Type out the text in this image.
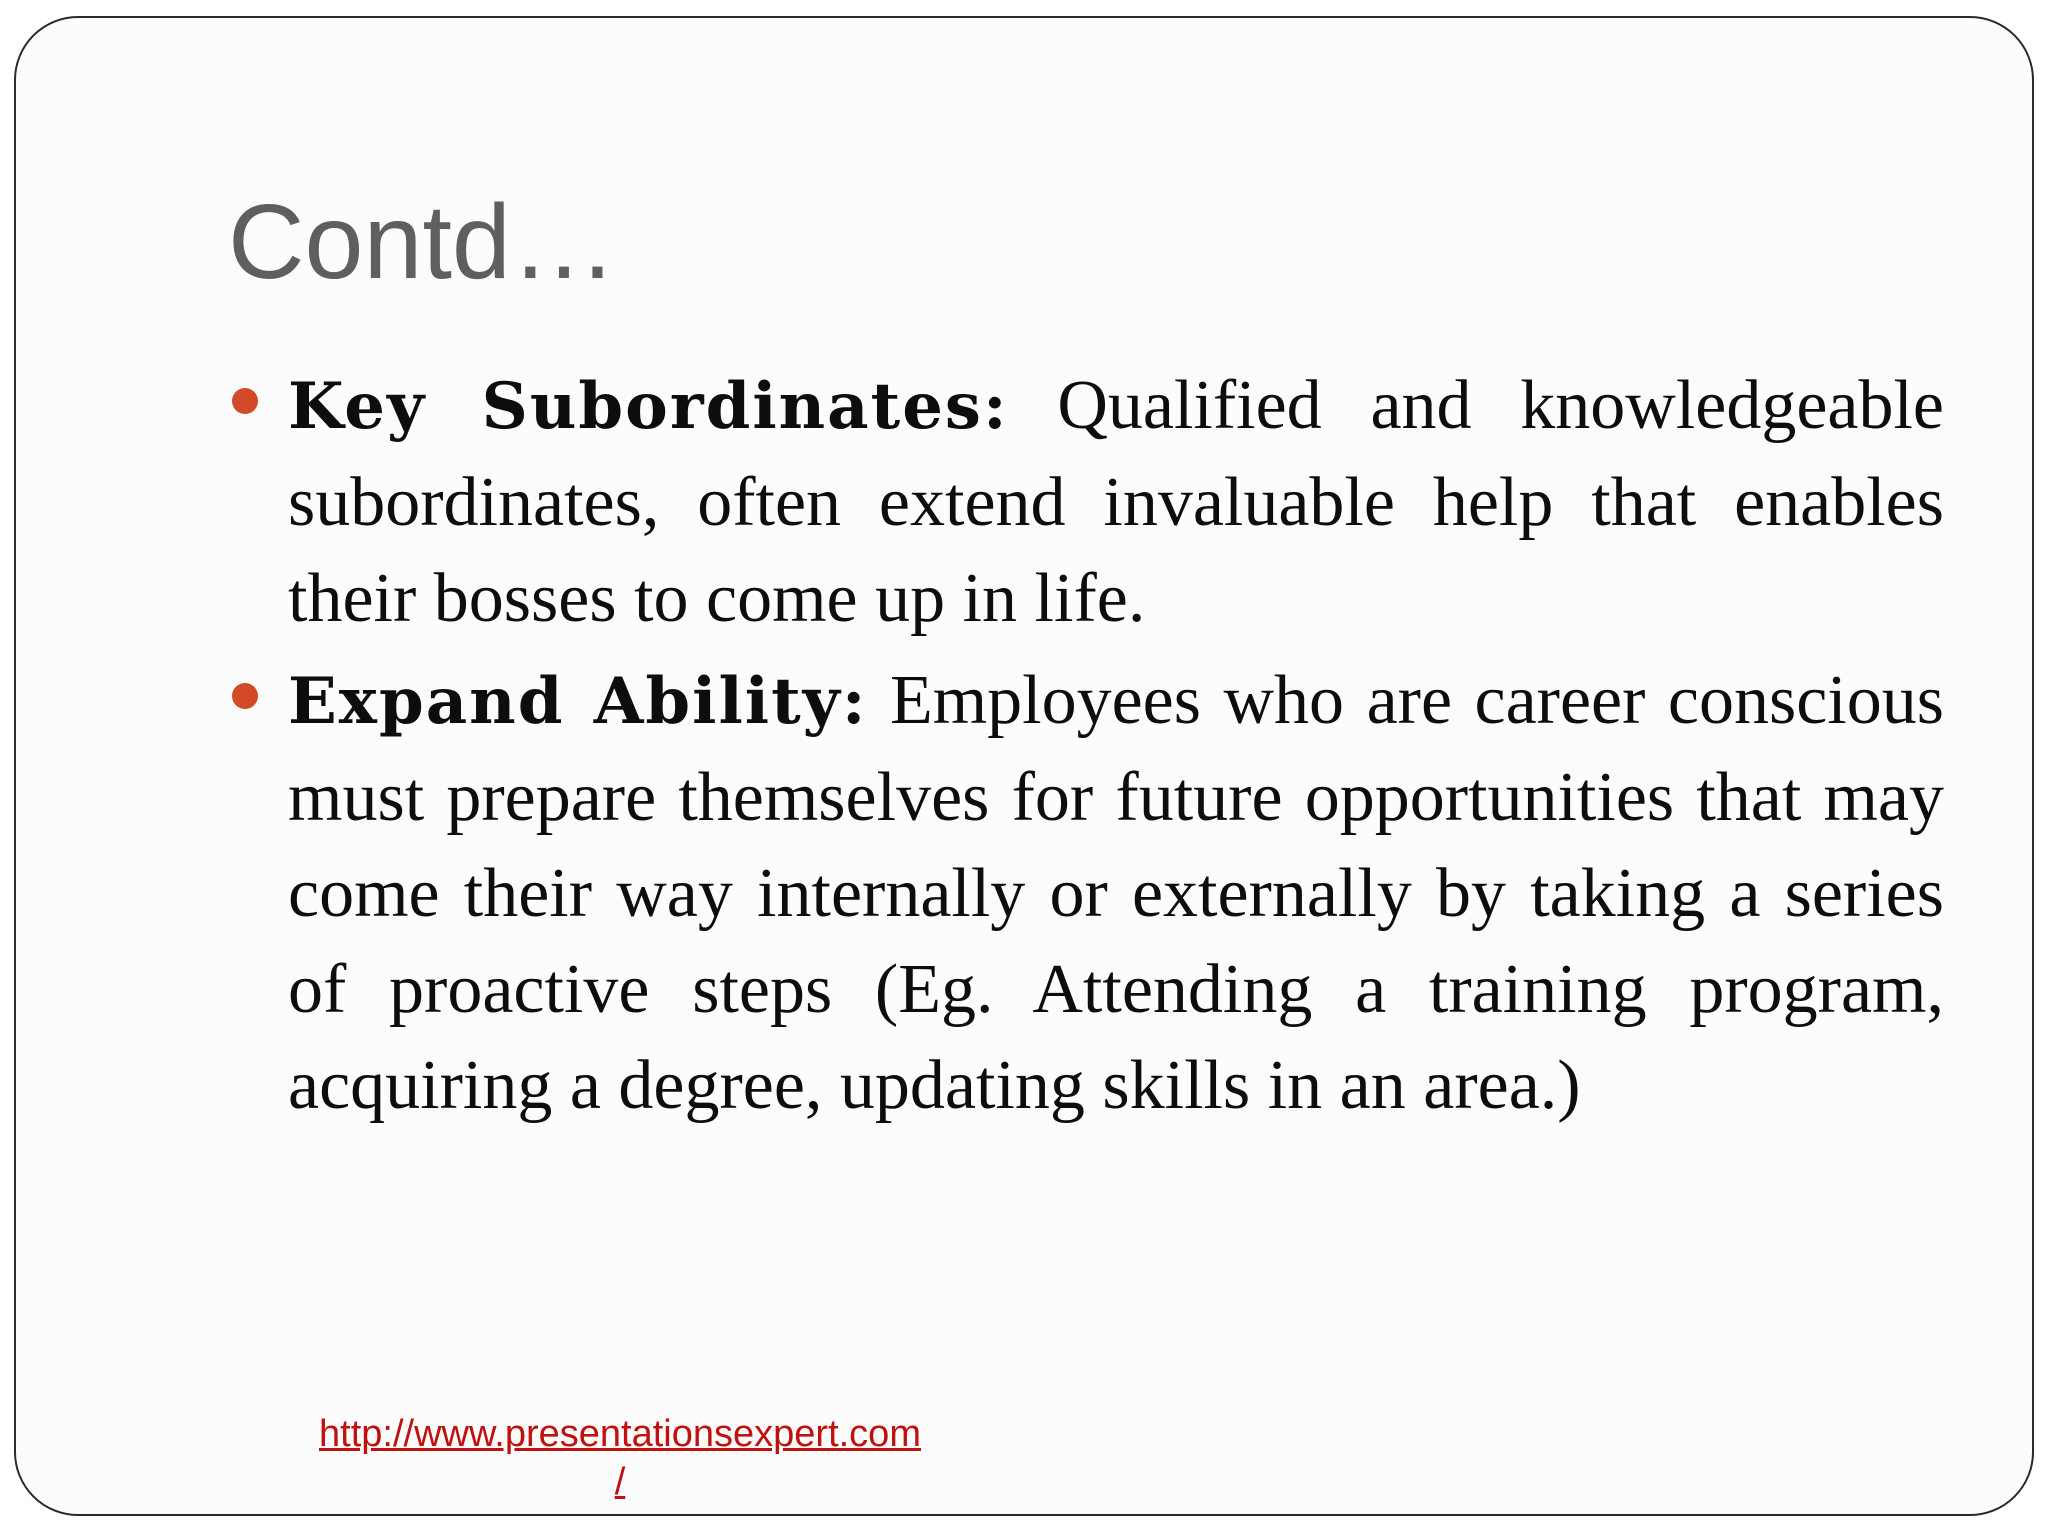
Contd…
Key Subordinates: Qualified and knowledgeable subordinates, often extend invaluable help that enables their bosses to come up in life.
Expand Ability: Employees who are career conscious must prepare themselves for future opportunities that may come their way internally or externally by taking a series of proactive steps (Eg. Attending a training program, acquiring a degree, updating skills in an area.)
http://www.presentationsexpert.com
/
